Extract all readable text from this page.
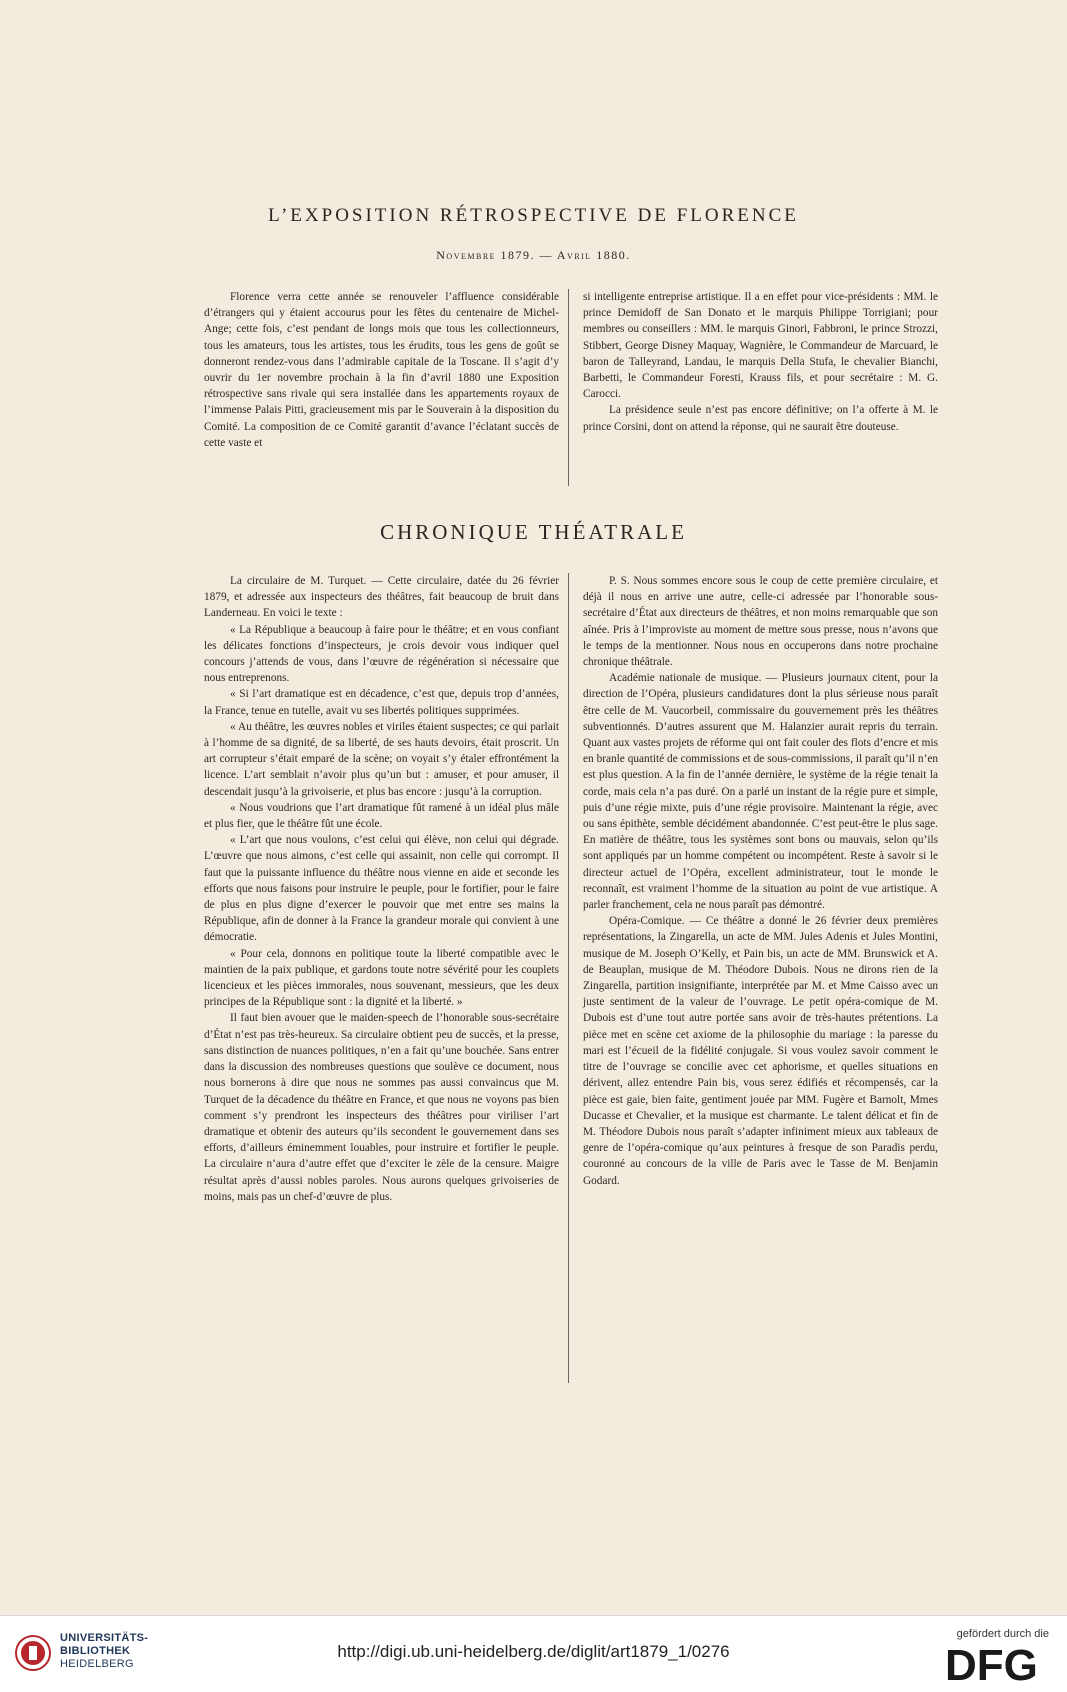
L’EXPOSITION RÉTROSPECTIVE DE FLORENCE
Novembre 1879. — Avril 1880.

Florence verra cette année se renouveler l’affluence considérable d’étrangers qui y étaient accourus pour les fêtes du centenaire de Michel-Ange; cette fois, c’est pendant de longs mois que tous les collectionneurs, tous les amateurs, tous les artistes, tous les érudits, tous les gens de goût se donneront rendez-vous dans l’admirable capitale de la Toscane. Il s’agit d’y ouvrir du 1er novembre prochain à la fin d’avril 1880 une Exposition rétrospective sans rivale qui sera installée dans les appartements royaux de l’immense Palais Pitti, gracieusement mis par le Souverain à la disposition du Comité. La composition de ce Comité garantit d’avance l’éclatant succès de cette vaste et

si intelligente entreprise artistique. Il a en effet pour vice-présidents : MM. le prince Demidoff de San Donato et le marquis Philippe Torrigiani; pour membres ou conseillers : MM. le marquis Ginori, Fabbroni, le prince Strozzi, Stibbert, George Disney Maquay, Wagnière, le Commandeur de Marcuard, le baron de Talleyrand, Landau, le marquis Della Stufa, le chevalier Bianchi, Barbetti, le Commandeur Foresti, Krauss fils, et pour secrétaire : M. G. Carocci.

La présidence seule n’est pas encore définitive; on l’a offerte à M. le prince Corsini, dont on attend la réponse, qui ne saurait être douteuse.

CHRONIQUE THÉATRALE

La circulaire de M. Turquet. — Cette circulaire, datée du 26 février 1879, et adressée aux inspecteurs des théâtres, fait beaucoup de bruit dans Landerneau. En voici le texte :

« La République a beaucoup à faire pour le théâtre; et en vous confiant les délicates fonctions d’inspecteurs, je crois devoir vous indiquer quel concours j’attends de vous, dans l’œuvre de régénération si nécessaire que nous entreprenons.

« Si l’art dramatique est en décadence, c’est que, depuis trop d’années, la France, tenue en tutelle, avait vu ses libertés politiques supprimées.

« Au théâtre, les œuvres nobles et viriles étaient suspectes; ce qui parlait à l’homme de sa dignité, de sa liberté, de ses hauts devoirs, était proscrit. Un art corrupteur s’était emparé de la scène; on voyait s’y étaler effrontément la licence. L’art semblait n’avoir plus qu’un but : amuser, et pour amuser, il descendait jusqu’à la grivoiserie, et plus bas encore : jusqu’à la corruption.

« Nous voudrions que l’art dramatique fût ramené à un idéal plus mâle et plus fier, que le théâtre fût une école.

« L’art que nous voulons, c’est celui qui élève, non celui qui dégrade. L’œuvre que nous aimons, c’est celle qui assainit, non celle qui corrompt. Il faut que la puissante influence du théâtre nous vienne en aide et seconde les efforts que nous faisons pour instruire le peuple, pour le fortifier, pour le faire de plus en plus digne d’exercer le pouvoir que met entre ses mains la République, afin de donner à la France la grandeur morale qui convient à une démocratie.

« Pour cela, donnons en politique toute la liberté compatible avec le maintien de la paix publique, et gardons toute notre sévérité pour les couplets licencieux et les pièces immorales, nous souvenant, messieurs, que les deux principes de la République sont : la dignité et la liberté. »

Il faut bien avouer que le maiden-speech de l’honorable sous-secrétaire d’État n’est pas très-heureux. Sa circulaire obtient peu de succès, et la presse, sans distinction de nuances politiques, n’en a fait qu’une bouchée. Sans entrer dans la discussion des nombreuses questions que soulève ce document, nous nous bornerons à dire que nous ne sommes pas aussi convaincus que M. Turquet de la décadence du théâtre en France, et que nous ne voyons pas bien comment s’y prendront les inspecteurs des théâtres pour viriliser l’art dramatique et obtenir des auteurs qu’ils secondent le gouvernement dans ses efforts, d’ailleurs éminemment louables, pour instruire et fortifier le peuple. La circulaire n’aura d’autre effet que d’exciter le zèle de la censure. Maigre résultat après d’aussi nobles paroles. Nous aurons quelques grivoiseries de moins, mais pas un chef-d’œuvre de plus.

P. S. Nous sommes encore sous le coup de cette première circulaire, et déjà il nous en arrive une autre, celle-ci adressée par l’honorable sous-secrétaire d’État aux directeurs de théâtres, et non moins remarquable que son aînée. Pris à l’improviste au moment de mettre sous presse, nous n’avons que le temps de la mentionner. Nous nous en occuperons dans notre prochaine chronique théâtrale.

Académie nationale de musique. — Plusieurs journaux citent, pour la direction de l’Opéra, plusieurs candidatures dont la plus sérieuse nous paraît être celle de M. Vaucorbeil, commissaire du gouvernement près les théâtres subventionnés. D’autres assurent que M. Halanzier aurait repris du terrain. Quant aux vastes projets de réforme qui ont fait couler des flots d’encre et mis en branle quantité de commissions et de sous-commissions, il paraît qu’il n’en est plus question. A la fin de l’année dernière, le système de la régie tenait la corde, mais cela n’a pas duré. On a parlé un instant de la régie pure et simple, puis d’une régie mixte, puis d’une régie provisoire. Maintenant la régie, avec ou sans épithète, semble décidément abandonnée. C’est peut-être le plus sage. En matière de théâtre, tous les systèmes sont bons ou mauvais, selon qu’ils sont appliqués par un homme compétent ou incompétent. Reste à savoir si le directeur actuel de l’Opéra, excellent administrateur, tout le monde le reconnaît, est vraiment l’homme de la situation au point de vue artistique. A parler franchement, cela ne nous paraît pas démontré.

Opéra-Comique. — Ce théâtre a donné le 26 février deux premières représentations, la Zingarella, un acte de MM. Jules Adenis et Jules Montini, musique de M. Joseph O’Kelly, et Pain bis, un acte de MM. Brunswick et A. de Beauplan, musique de M. Théodore Dubois. Nous ne dirons rien de la Zingarella, partition insignifiante, interprétée par M. et Mme Caisso avec un juste sentiment de la valeur de l’ouvrage. Le petit opéra-comique de M. Dubois est d’une tout autre portée sans avoir de très-hautes prétentions. La pièce met en scène cet axiome de la philosophie du mariage : la paresse du mari est l’écueil de la fidélité conjugale. Si vous voulez savoir comment le titre de l’ouvrage se concilie avec cet aphorisme, et quelles situations en dérivent, allez entendre Pain bis, vous serez édifiés et récompensés, car la pièce est gaie, bien faite, gentiment jouée par MM. Fugère et Barnolt, Mmes Ducasse et Chevalier, et la musique est charmante. Le talent délicat et fin de M. Théodore Dubois nous paraît s’adapter infiniment mieux aux tableaux de genre de l’opéra-comique qu’aux peintures à fresque de son Paradis perdu, couronné au concours de la ville de Paris avec le Tasse de M. Benjamin Godard.

UNIVERSITÄTS-
BIBLIOTHEK
HEIDELBERG
http://digi.ub.uni-heidelberg.de/diglit/art1879_1/0276
gefördert durch die
DFG
